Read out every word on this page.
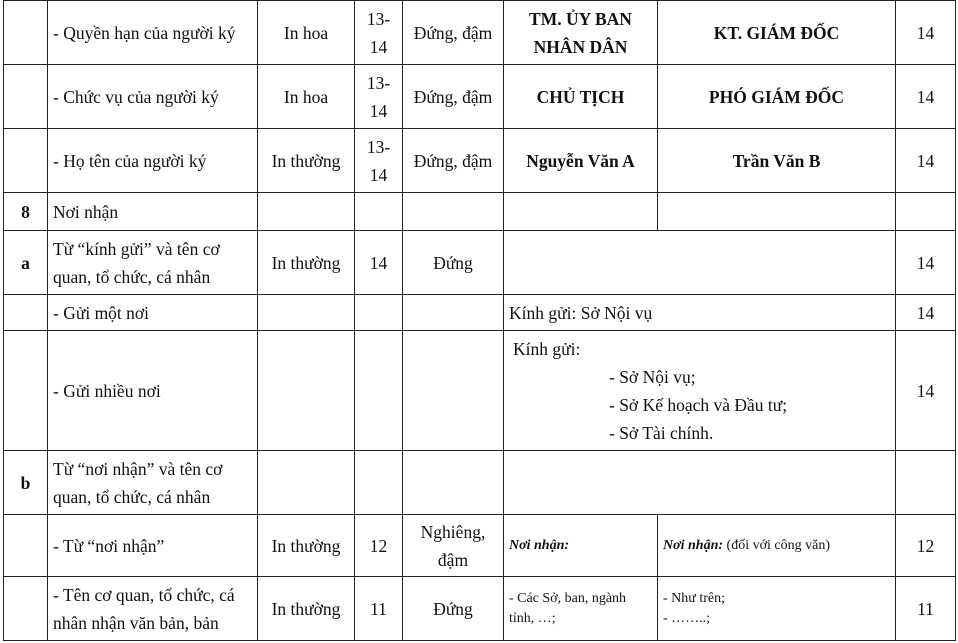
	- Quyền hạn của người ký	In hoa	13-14	Đứng, đậm	TM. ỦY BAN NHÂN DÂN	KT. GIÁM ĐỐC	14
	- Chức vụ của người ký	In hoa	13-14	Đứng, đậm	CHỦ TỊCH	PHÓ GIÁM ĐỐC	14
	- Họ tên của người ký	In thường	13-14	Đứng, đậm	Nguyễn Văn A	Trần Văn B	14
8	Nơi nhận						
a	Từ “kính gửi” và tên cơ quan, tổ chức, cá nhân	In thường	14	Đứng			14
	- Gửi một nơi				Kính gửi: Sở Nội vụ		14
	- Gửi nhiều nơi				Kính gửi:
- Sở Nội vụ;
- Sở Kế hoạch và Đầu tư;
- Sở Tài chính.		14
b	Từ “nơi nhận” và tên cơ quan, tổ chức, cá nhân						
	- Từ “nơi nhận”	In thường	12	Nghiêng, đậm	Nơi nhận:	Nơi nhận: (đối với công văn)	12
	- Tên cơ quan, tổ chức, cá nhân nhận văn bản, bản	In thường	11	Đứng	- Các Sở, ban, ngành
tỉnh, …;	- Như trên;
- ……..;	11
